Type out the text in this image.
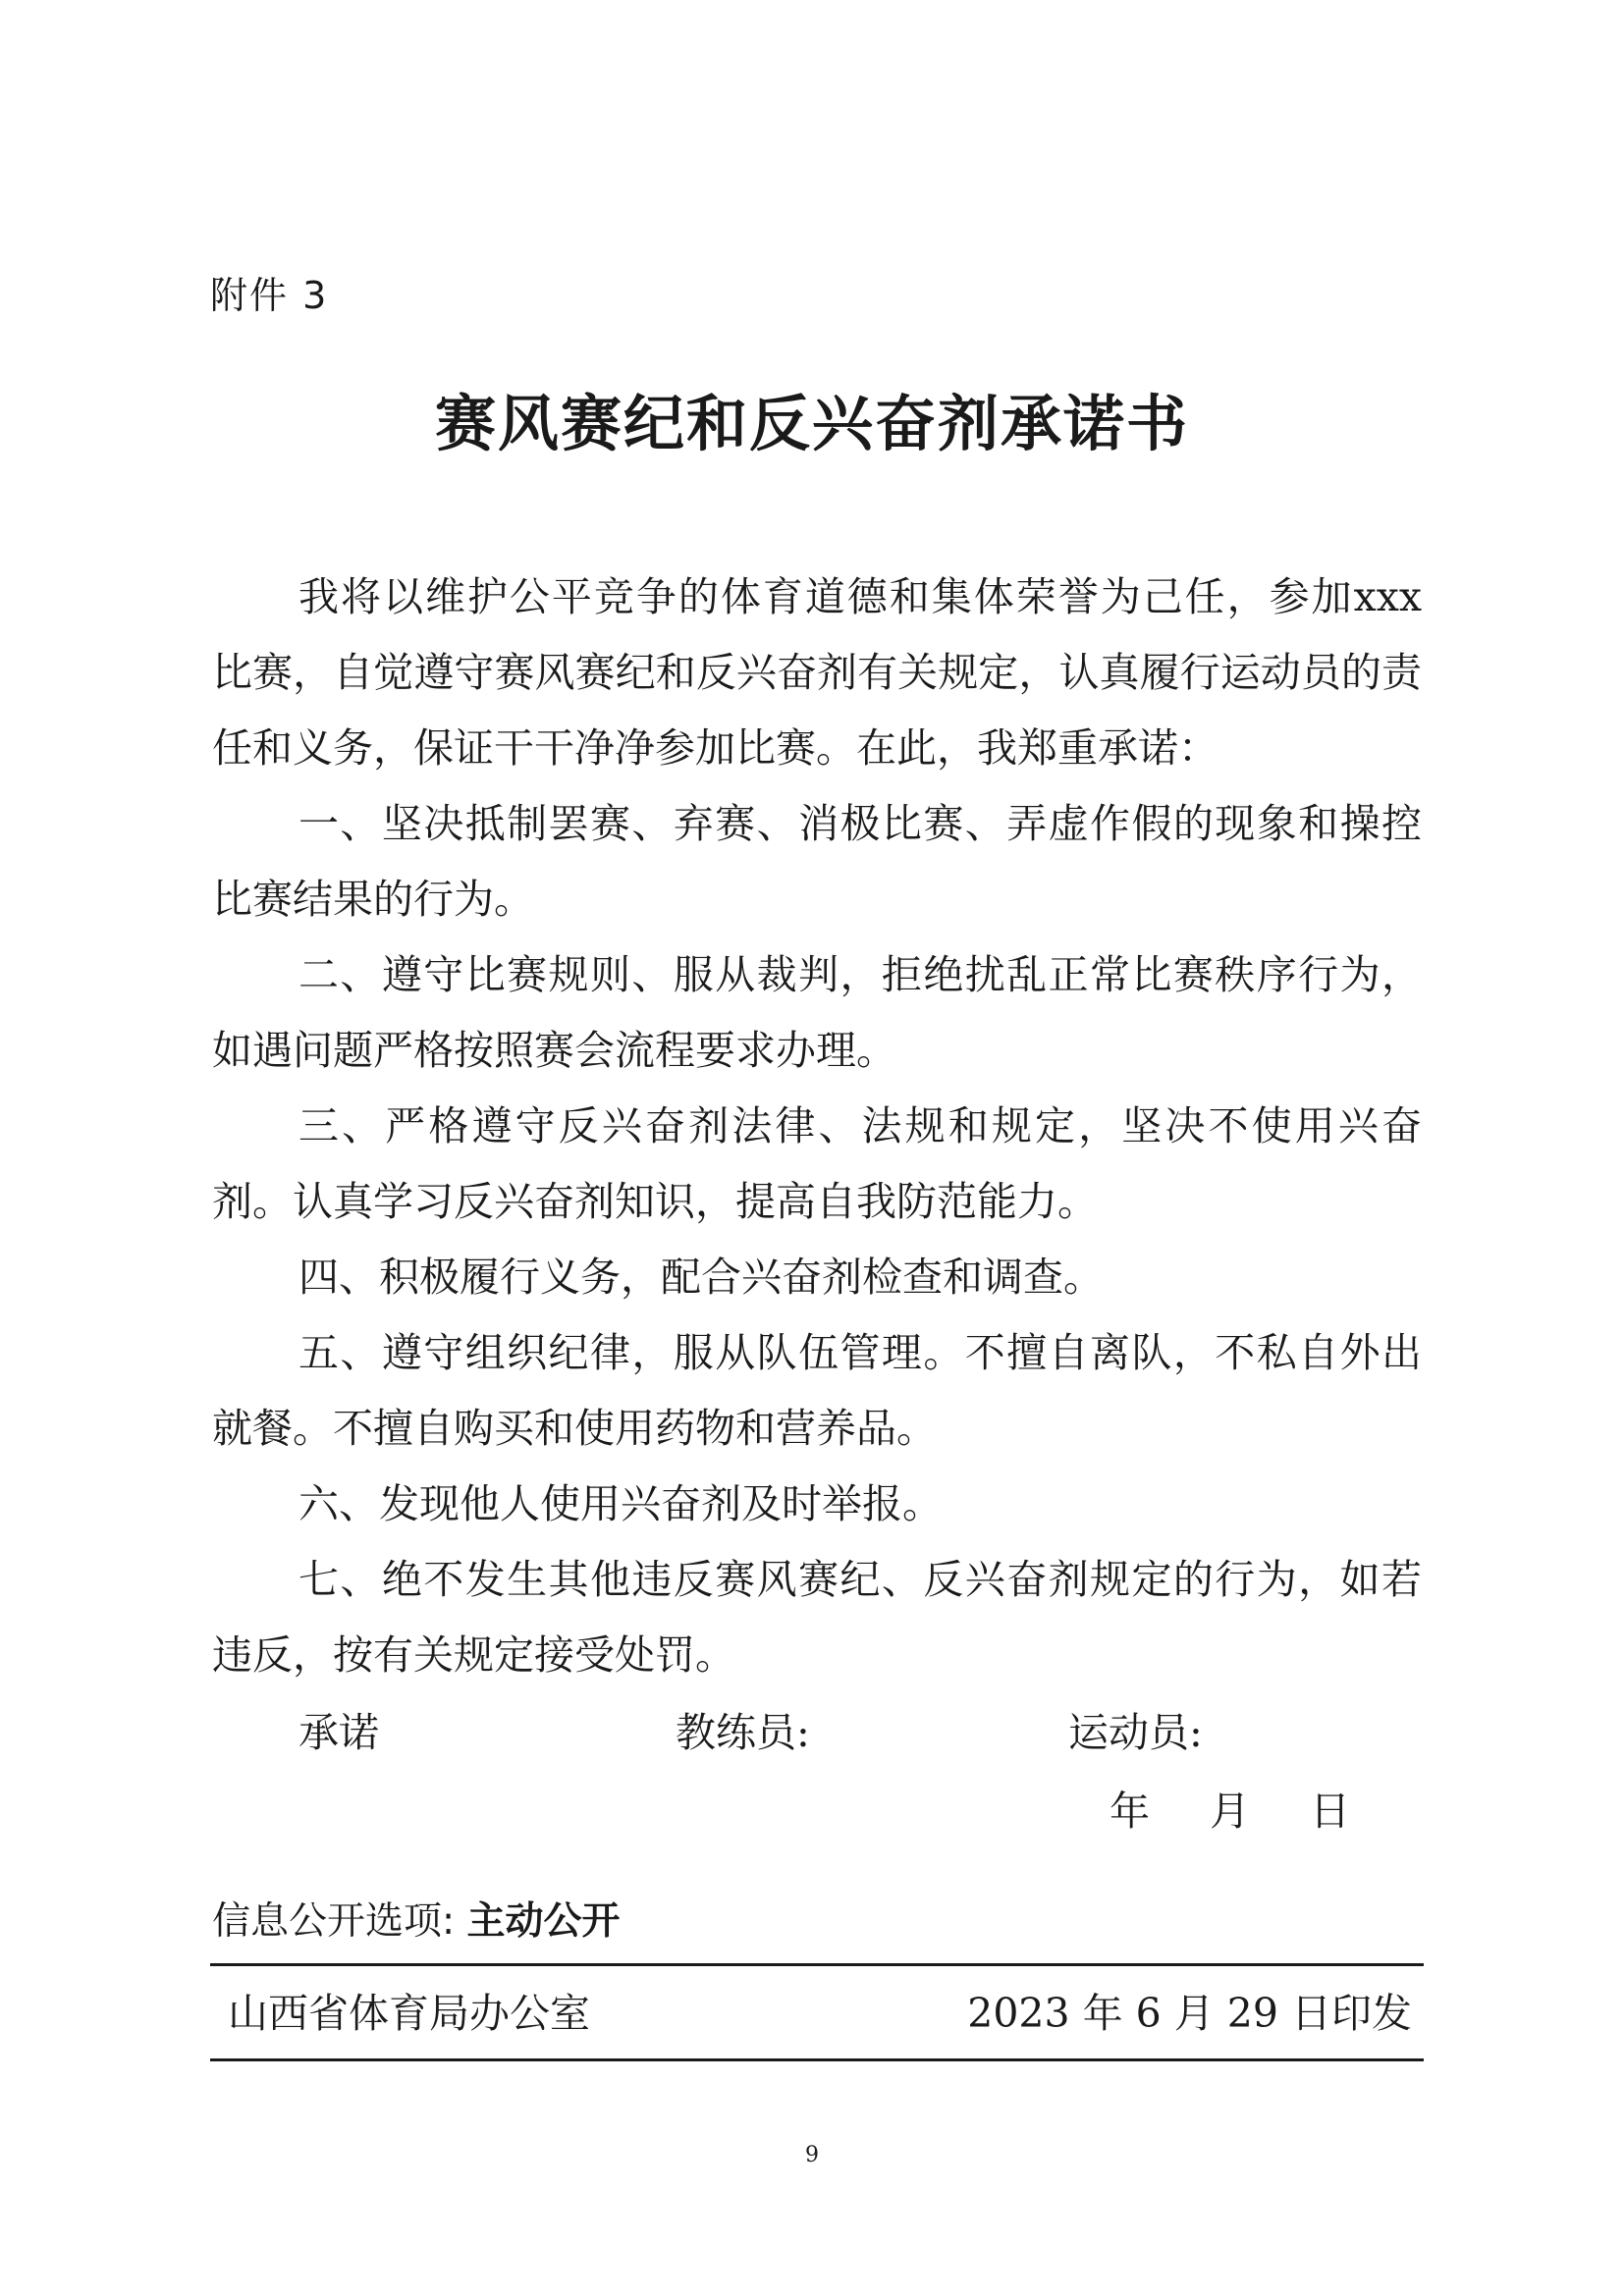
附件 3
赛风赛纪和反兴奋剂承诺书

我将以维护公平竞争的体育道德和集体荣誉为己任，参加xxx 比赛，自觉遵守赛风赛纪和反兴奋剂有关规定，认真履行运动员的责任和义务，保证干干净净参加比赛。在此，我郑重承诺：

一、坚决抵制罢赛、弃赛、消极比赛、弄虚作假的现象和操控比赛结果的行为。

二、遵守比赛规则、服从裁判，拒绝扰乱正常比赛秩序行为，如遇问题严格按照赛会流程要求办理。

三、严格遵守反兴奋剂法律、法规和规定，坚决不使用兴奋剂。认真学习反兴奋剂知识，提高自我防范能力。

四、积极履行义务，配合兴奋剂检查和调查。

五、遵守组织纪律，服从队伍管理。不擅自离队，不私自外出就餐。不擅自购买和使用药物和营养品。

六、发现他人使用兴奋剂及时举报。

七、绝不发生其他违反赛风赛纪、反兴奋剂规定的行为，如若违反，按有关规定接受处罚。

承诺	教练员:	运动员:
年 月 日
信息公开选项: 主动公开
山西省体育局办公室	2023 年 6 月 29 日印发
9
